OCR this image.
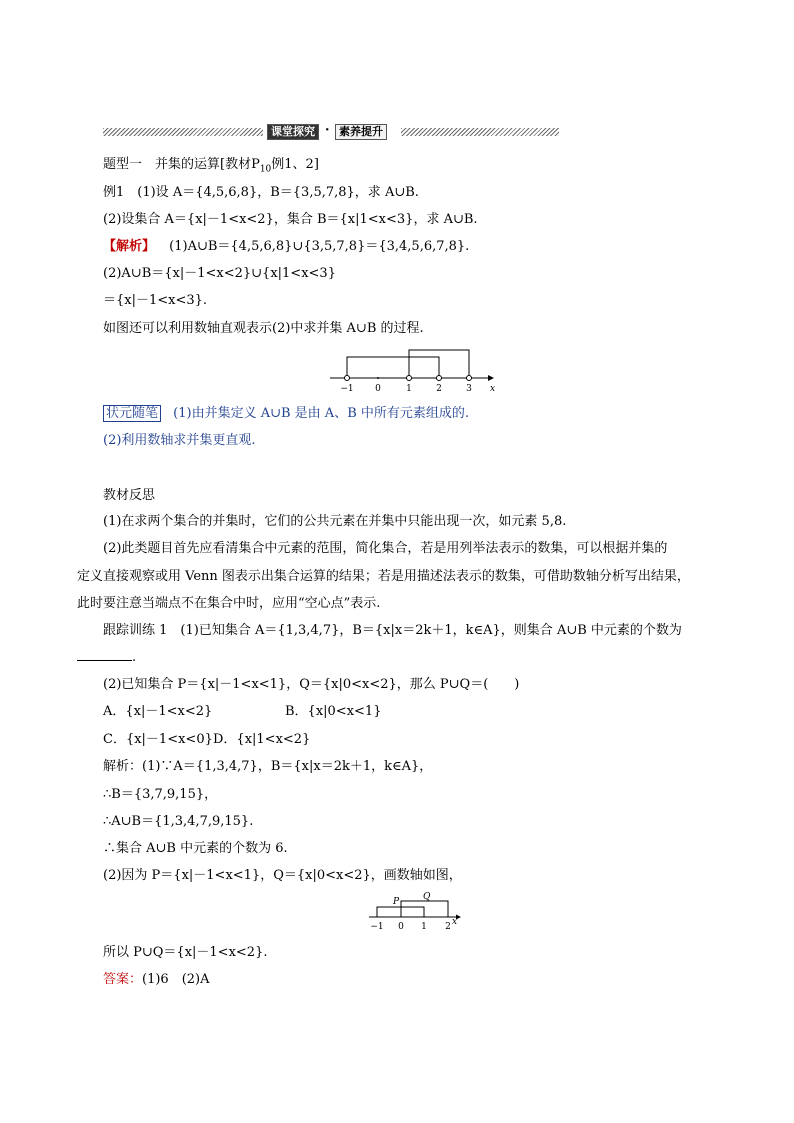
课堂探究 · 素养提升
题型一　并集的运算[教材$P_{10}$例1、2]
例1　(1)设 A＝{4,5,6,8}，B＝{3,5,7,8}，求 A∪B.
(2)设集合 A＝{x|－1<x<2}，集合 B＝{x|1<x<3}，求 A∪B.
【解析】 (1)A∪B＝{4,5,6,8}∪{3,5,7,8}＝{3,4,5,6,7,8}.
(2)A∪B＝{x|－1<x<2}∪{x|1<x<3}
＝{x|－1<x<3}.
如图还可以利用数轴直观表示(2)中求并集 A∪B 的过程.
−1 0	1	2	3 x
状元随笔 (1)由并集定义 A∪B 是由 A、B 中所有元素组成的.
(2)利用数轴求并集更直观.
教材反思
(1)在求两个集合的并集时，它们的公共元素在并集中只能出现一次，如元素 5,8.
(2)此类题目首先应看清集合中元素的范围，简化集合，若是用列举法表示的数集，可以根据并集的
定义直接观察或用 Venn 图表示出集合运算的结果；若是用描述法表示的数集，可借助数轴分析写出结果，
此时要注意当端点不在集合中时，应用“空心点”表示.
跟踪训练 1　(1)已知集合 A＝{1,3,4,7}，B＝{x|x＝2k＋1，k∈A}，则集合 A∪B 中元素的个数为
.
(2)已知集合 P＝{x|－1<x<1}，Q＝{x|0<x<2}，那么 P∪Q＝(　　)
A．{x|－1<x<2}	B．{x|0<x<1}
C．{x|－1<x<0} D．{x|1<x<2}
解析：(1)∵A＝{1,3,4,7}，B＝{x|x＝2k＋1，k∈A}，
∴B＝{3,7,9,15}，
∴A∪B＝{1,3,4,7,9,15}.
∴集合 A∪B 中元素的个数为 6.
(2)因为 P＝{x|－1<x<1}，Q＝{x|0<x<2}，画数轴如图，
P	Q
−1 0 1 2 x
所以 P∪Q＝{x|－1<x<2}.
答案：(1)6　(2)A
